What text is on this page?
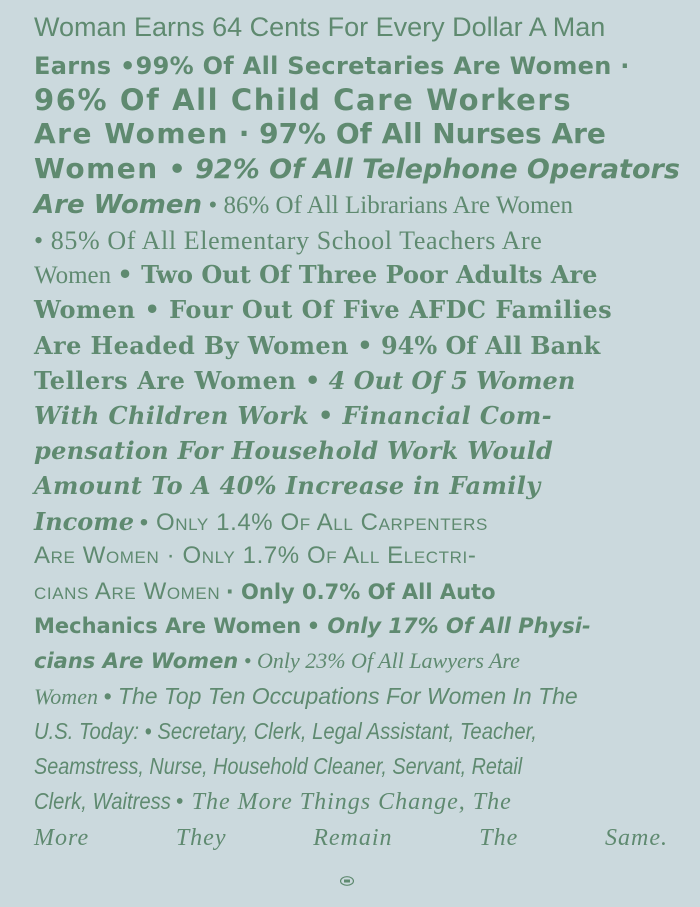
Woman Earns 64 Cents For Every Dollar A Man
Earns •99% Of All Secretaries Are Women ·
96% Of All Child Care Workers
Are Women · 97% Of All Nurses Are
Women • 92% Of All Telephone Operators
Are Women • 86% Of All Librarians Are Women
• 85% Of All Elementary School Teachers Are
Women • Two Out Of Three Poor Adults Are
Women • Four Out Of Five AFDC Families
Are Headed By Women • 94% Of All Bank
Tellers Are Women • 4 Out Of 5 Women
With Children Work • Financial Com-
pensation For Household Work Would
Amount To A 40% Increase in Family
Income • Only 1.4% Of All Carpenters
Are Women · Only 1.7% Of All Electri-
cians Are Women · Only 0.7% Of All Auto
Mechanics Are Women • Only 17% Of All Physi-
cians Are Women • Only 23% Of All Lawyers Are
Women • The Top Ten Occupations For Women In The
U.S. Today: • Secretary, Clerk, Legal Assistant, Teacher,
Seamstress, Nurse, Household Cleaner, Servant, Retail
Clerk, Waitress • The More Things Change, The
More	They	Remain	The	Same.
